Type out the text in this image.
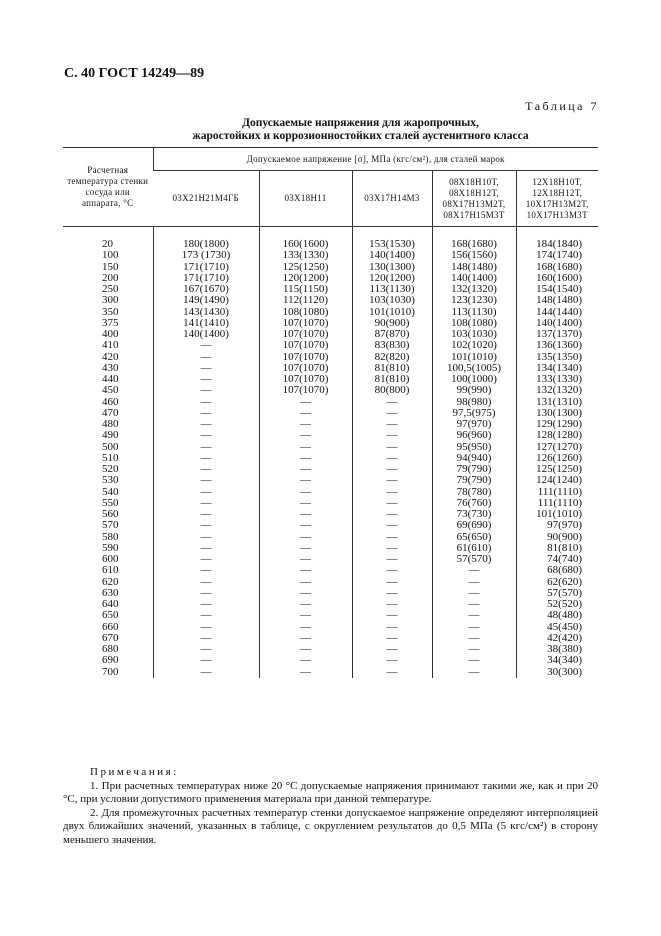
С. 40 ГОСТ 14249—89
Таблица 7
Допускаемые напряжения для жаропрочных,
жаростойких и коррозионностойких сталей аустенитного класса
Расчетная температура стенки сосуда или аппарата, °С	Допускаемое напряжение [σ], МПа (кгс/см²), для сталей марок				
	03Х21Н21М4ГБ	03Х18Н11	03Х17Н14М3	08Х18Н10Т, 08Х18Н12Т, 08Х17Н13М2Т, 08Х17Н15М3Т	12Х18Н10Т, 12Х18Н12Т, 10Х17Н13М2Т, 10Х17Н13М3Т

20	180(1800)	160(1600)	153(1530)	168(1680)	184(1840)
100	173 (1730)	133(1330)	140(1400)	156(1560)	174(1740)
150	171(1710)	125(1250)	130(1300)	148(1480)	168(1680)
200	171(1710)	120(1200)	120(1200)	140(1400)	160(1600)
250	167(1670)	115(1150)	113(1130)	132(1320)	154(1540)
300	149(1490)	112(1120)	103(1030)	123(1230)	148(1480)
350	143(1430)	108(1080)	101(1010)	113(1130)	144(1440)
375	141(1410)	107(1070)	90(900)	108(1080)	140(1400)
400	140(1400)	107(1070)	87(870)	103(1030)	137(1370)
410	—	107(1070)	83(830)	102(1020)	136(1360)
420	—	107(1070)	82(820)	101(1010)	135(1350)
430	—	107(1070)	81(810)	100,5(1005)	134(1340)
440	—	107(1070)	81(810)	100(1000)	133(1330)
450	—	107(1070)	80(800)	99(990)	132(1320)
460	—	—	—	98(980)	131(1310)
470	—	—	—	97,5(975)	130(1300)
480	—	—	—	97(970)	129(1290)
490	—	—	—	96(960)	128(1280)
500	—	—	—	95(950)	127(1270)
510	—	—	—	94(940)	126(1260)
520	—	—	—	79(790)	125(1250)
530	—	—	—	79(790)	124(1240)
540	—	—	—	78(780)	111(1110)
550	—	—	—	76(760)	111(1110)
560	—	—	—	73(730)	101(1010)
570	—	—	—	69(690)	97(970)
580	—	—	—	65(650)	90(900)
590	—	—	—	61(610)	81(810)
600	—	—	—	57(570)	74(740)
610	—	—	—	—	68(680)
620	—	—	—	—	62(620)
630	—	—	—	—	57(570)
640	—	—	—	—	52(520)
650	—	—	—	—	48(480)
660	—	—	—	—	45(450)
670	—	—	—	—	42(420)
680	—	—	—	—	38(380)
690	—	—	—	—	34(340)
700	—	—	—	—	30(300)
Примечания:

1. При расчетных температурах ниже 20 °С допускаемые напряжения принимают такими же, как и при 20 °С, при условии допустимого применения материала при данной температуре.

2. Для промежуточных расчетных температур стенки допускаемое напряжение определяют интерполяцией двух ближайших значений, указанных в таблице, с округлением результатов до 0,5 МПа (5 кгс/см²) в сторону меньшего значения.
